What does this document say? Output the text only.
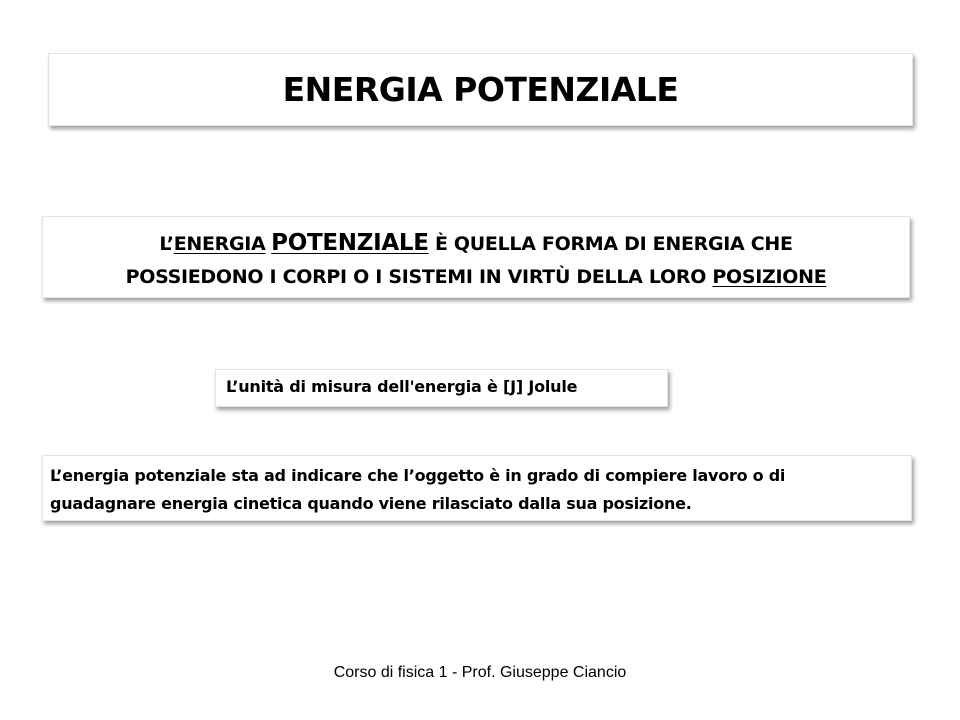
ENERGIA POTENZIALE
L’ENERGIA POTENZIALE È QUELLA FORMA DI ENERGIA CHE
POSSIEDONO I CORPI O I SISTEMI IN VIRTÙ DELLA LORO POSIZIONE
L’unità di misura dell'energia è [J] Jolule
L’energia potenziale sta ad indicare che l’oggetto è in grado di compiere lavoro o di
guadagnare energia cinetica quando viene rilasciato dalla sua posizione.
Corso di fisica 1 - Prof. Giuseppe Ciancio
